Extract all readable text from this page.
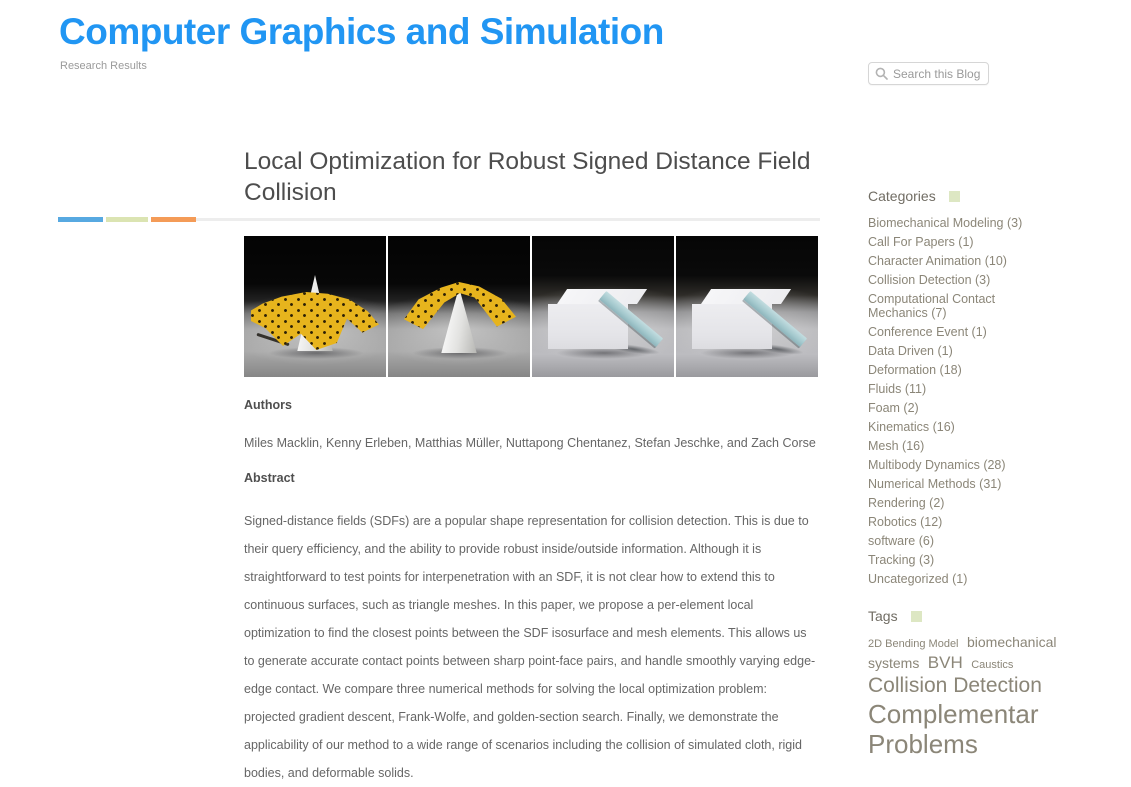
Computer Graphics and Simulation
Research Results
Search this Blog
Local Optimization for Robust Signed Distance Field Collision
Authors
Miles Macklin, Kenny Erleben, Matthias Müller, Nuttapong Chentanez, Stefan Jeschke, and Zach Corse
Abstract
Signed-distance fields (SDFs) are a popular shape representation for collision detection. This is due to their query efficiency, and the ability to provide robust inside/outside information. Although it is straightforward to test points for interpenetration with an SDF, it is not clear how to extend this to continuous surfaces, such as triangle meshes. In this paper, we propose a per-element local optimization to find the closest points between the SDF isosurface and mesh elements. This allows us to generate accurate contact points between sharp point-face pairs, and handle smoothly varying edge-edge contact. We compare three numerical methods for solving the local optimization problem: projected gradient descent, Frank-Wolfe, and golden-section search. Finally, we demonstrate the applicability of our method to a wide range of scenarios including the collision of simulated cloth, rigid bodies, and deformable solids.
Categories
Biomechanical Modeling (3)
Call For Papers (1)
Character Animation (10)
Collision Detection (3)
Computational Contact Mechanics (7)
Conference Event (1)
Data Driven (1)
Deformation (18)
Fluids (11)
Foam (2)
Kinematics (16)
Mesh (16)
Multibody Dynamics (28)
Numerical Methods (31)
Rendering (2)
Robotics (12)
software (6)
Tracking (3)
Uncategorized (1)
Tags
2D Bending Model biomechanical systems BVH Caustics Collision Detection Complementar Problems
